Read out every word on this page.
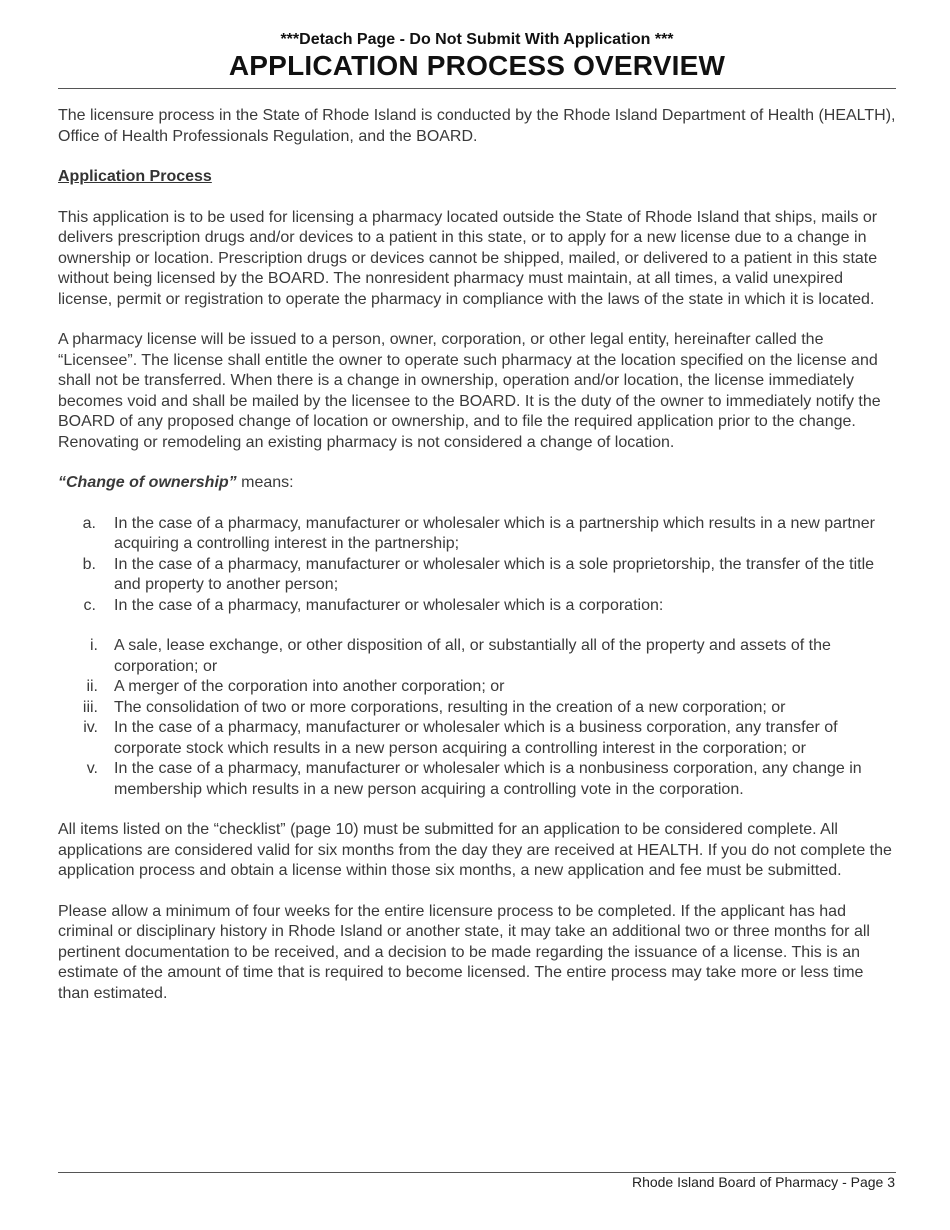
***Detach Page - Do Not Submit With Application ***
APPLICATION PROCESS OVERVIEW

The licensure process in the State of Rhode Island is conducted by the Rhode Island Department of Health (HEALTH), Office of Health Professionals Regulation, and the BOARD.

Application Process

This application is to be used for licensing a pharmacy located outside the State of Rhode Island that ships, mails or delivers prescription drugs and/or devices to a patient in this state, or to apply for a new license due to a change in ownership or location. Prescription drugs or devices cannot be shipped, mailed, or delivered to a patient in this state without being licensed by the BOARD. The nonresident pharmacy must maintain, at all times, a valid unexpired license, permit or registration to operate the pharmacy in compliance with the laws of the state in which it is located.

A pharmacy license will be issued to a person, owner, corporation, or other legal entity, hereinafter called the “Licensee”. The license shall entitle the owner to operate such pharmacy at the location specified on the license and shall not be transferred. When there is a change in ownership, operation and/or location, the license immediately becomes void and shall be mailed by the licensee to the BOARD. It is the duty of the owner to immediately notify the BOARD of any proposed change of location or ownership, and to file the required application prior to the change. Renovating or remodeling an existing pharmacy is not considered a change of location.

“Change of ownership” means:

a. In the case of a pharmacy, manufacturer or wholesaler which is a partnership which results in a new partner acquiring a controlling interest in the partnership;
b. In the case of a pharmacy, manufacturer or wholesaler which is a sole proprietorship, the transfer of the title and property to another person;
c. In the case of a pharmacy, manufacturer or wholesaler which is a corporation:
i. A sale, lease exchange, or other disposition of all, or substantially all of the property and assets of the corporation; or
ii. A merger of the corporation into another corporation; or
iii. The consolidation of two or more corporations, resulting in the creation of a new corporation; or
iv. In the case of a pharmacy, manufacturer or wholesaler which is a business corporation, any transfer of corporate stock which results in a new person acquiring a controlling interest in the corporation; or
v. In the case of a pharmacy, manufacturer or wholesaler which is a nonbusiness corporation, any change in membership which results in a new person acquiring a controlling vote in the corporation.

All items listed on the “checklist” (page 10) must be submitted for an application to be considered complete. All applications are considered valid for six months from the day they are received at HEALTH. If you do not complete the application process and obtain a license within those six months, a new application and fee must be submitted.

Please allow a minimum of four weeks for the entire licensure process to be completed. If the applicant has had criminal or disciplinary history in Rhode Island or another state, it may take an additional two or three months for all pertinent documentation to be received, and a decision to be made regarding the issuance of a license. This is an estimate of the amount of time that is required to become licensed. The entire process may take more or less time than estimated.

Rhode Island Board of Pharmacy - Page 3
